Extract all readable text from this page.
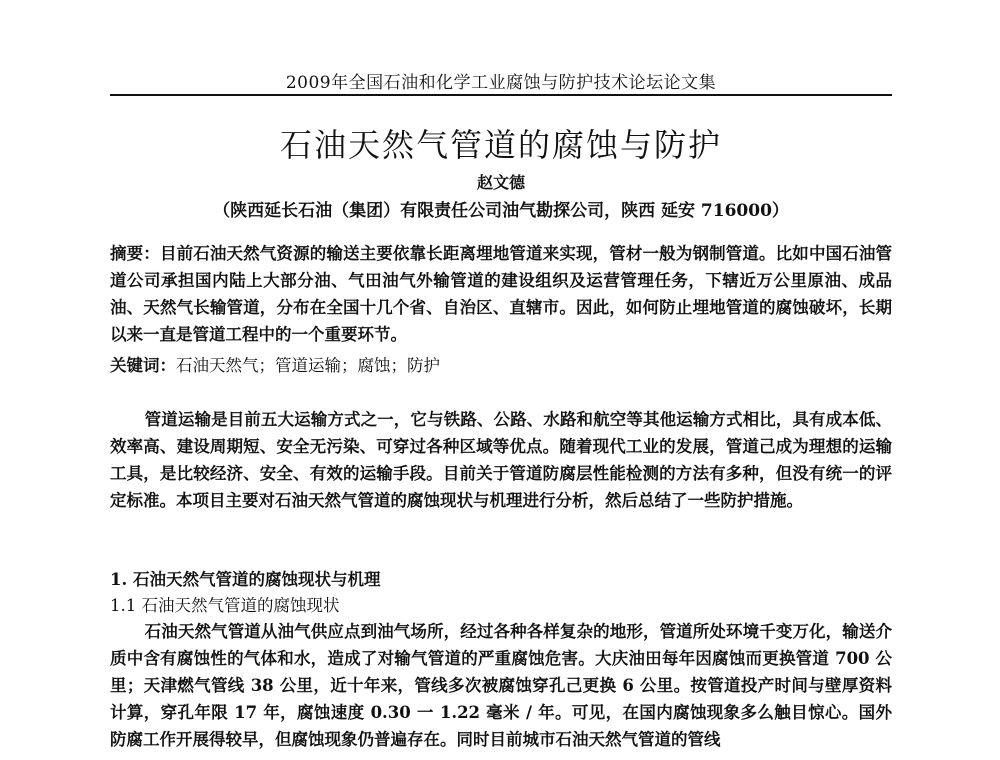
2009年全国石油和化学工业腐蚀与防护技术论坛论文集
石油天然气管道的腐蚀与防护
赵文德
（陕西延长石油（集团）有限责任公司油气勘探公司，陕西 延安 716000）

摘要：目前石油天然气资源的输送主要依靠长距离埋地管道来实现，管材一般为钢制管道。比如中国石油管道公司承担国内陆上大部分油、气田油气外输管道的建设组织及运营管理任务，下辖近万公里原油、成品油、天然气长输管道，分布在全国十几个省、自治区、直辖市。因此，如何防止埋地管道的腐蚀破坏，长期以来一直是管道工程中的一个重要环节。

关键词：石油天然气；管道运输；腐蚀；防护

管道运输是目前五大运输方式之一，它与铁路、公路、水路和航空等其他运输方式相比，具有成本低、效率高、建设周期短、安全无污染、可穿过各种区域等优点。随着现代工业的发展，管道己成为理想的运输工具，是比较经济、安全、有效的运输手段。目前关于管道防腐层性能检测的方法有多种，但没有统一的评定标准。本项目主要对石油天然气管道的腐蚀现状与机理进行分析，然后总结了一些防护措施。

1. 石油天然气管道的腐蚀现状与机理

1.1 石油天然气管道的腐蚀现状

石油天然气管道从油气供应点到油气场所，经过各种各样复杂的地形，管道所处环境千变万化，输送介质中含有腐蚀性的气体和水，造成了对输气管道的严重腐蚀危害。大庆油田每年因腐蚀而更换管道 700 公里；天津燃气管线 38 公里，近十年来，管线多次被腐蚀穿孔己更换 6 公里。按管道投产时间与壁厚资料计算，穿孔年限 17 年，腐蚀速度 0.30 一 1.22 毫米 / 年。可见，在国内腐蚀现象多么触目惊心。国外防腐工作开展得较早，但腐蚀现象仍普遍存在。同时目前城市石油天然气管道的管线
